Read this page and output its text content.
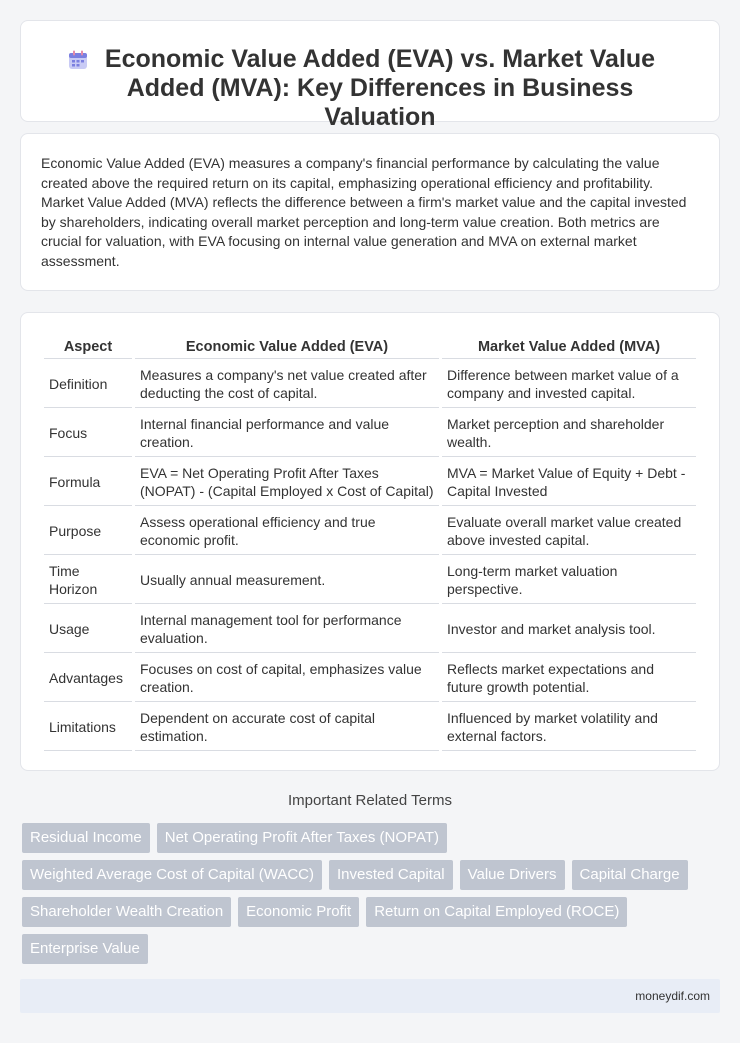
Economic Value Added (EVA) vs. Market Value Added (MVA): Key Differences in Business Valuation

Economic Value Added (EVA) measures a company's financial performance by calculating the value created above the required return on its capital, emphasizing operational efficiency and profitability. Market Value Added (MVA) reflects the difference between a firm's market value and the capital invested by shareholders, indicating overall market perception and long-term value creation. Both metrics are crucial for valuation, with EVA focusing on internal value generation and MVA on external market assessment.

Aspect	Economic Value Added (EVA)	Market Value Added (MVA)
Definition	Measures a company's net value created after deducting the cost of capital.	Difference between market value of a company and invested capital.
Focus	Internal financial performance and value creation.	Market perception and shareholder wealth.
Formula	EVA = Net Operating Profit After Taxes (NOPAT) - (Capital Employed x Cost of Capital)	MVA = Market Value of Equity + Debt - Capital Invested
Purpose	Assess operational efficiency and true economic profit.	Evaluate overall market value created above invested capital.
Time Horizon	Usually annual measurement.	Long-term market valuation perspective.
Usage	Internal management tool for performance evaluation.	Investor and market analysis tool.
Advantages	Focuses on cost of capital, emphasizes value creation.	Reflects market expectations and future growth potential.
Limitations	Dependent on accurate cost of capital estimation.	Influenced by market volatility and external factors.
Important Related Terms
Residual Income	Net Operating Profit After Taxes (NOPAT)
Weighted Average Cost of Capital (WACC)	Invested Capital	Value Drivers	Capital Charge
Shareholder Wealth Creation	Economic Profit	Return on Capital Employed (ROCE)
Enterprise Value
moneydif.com
